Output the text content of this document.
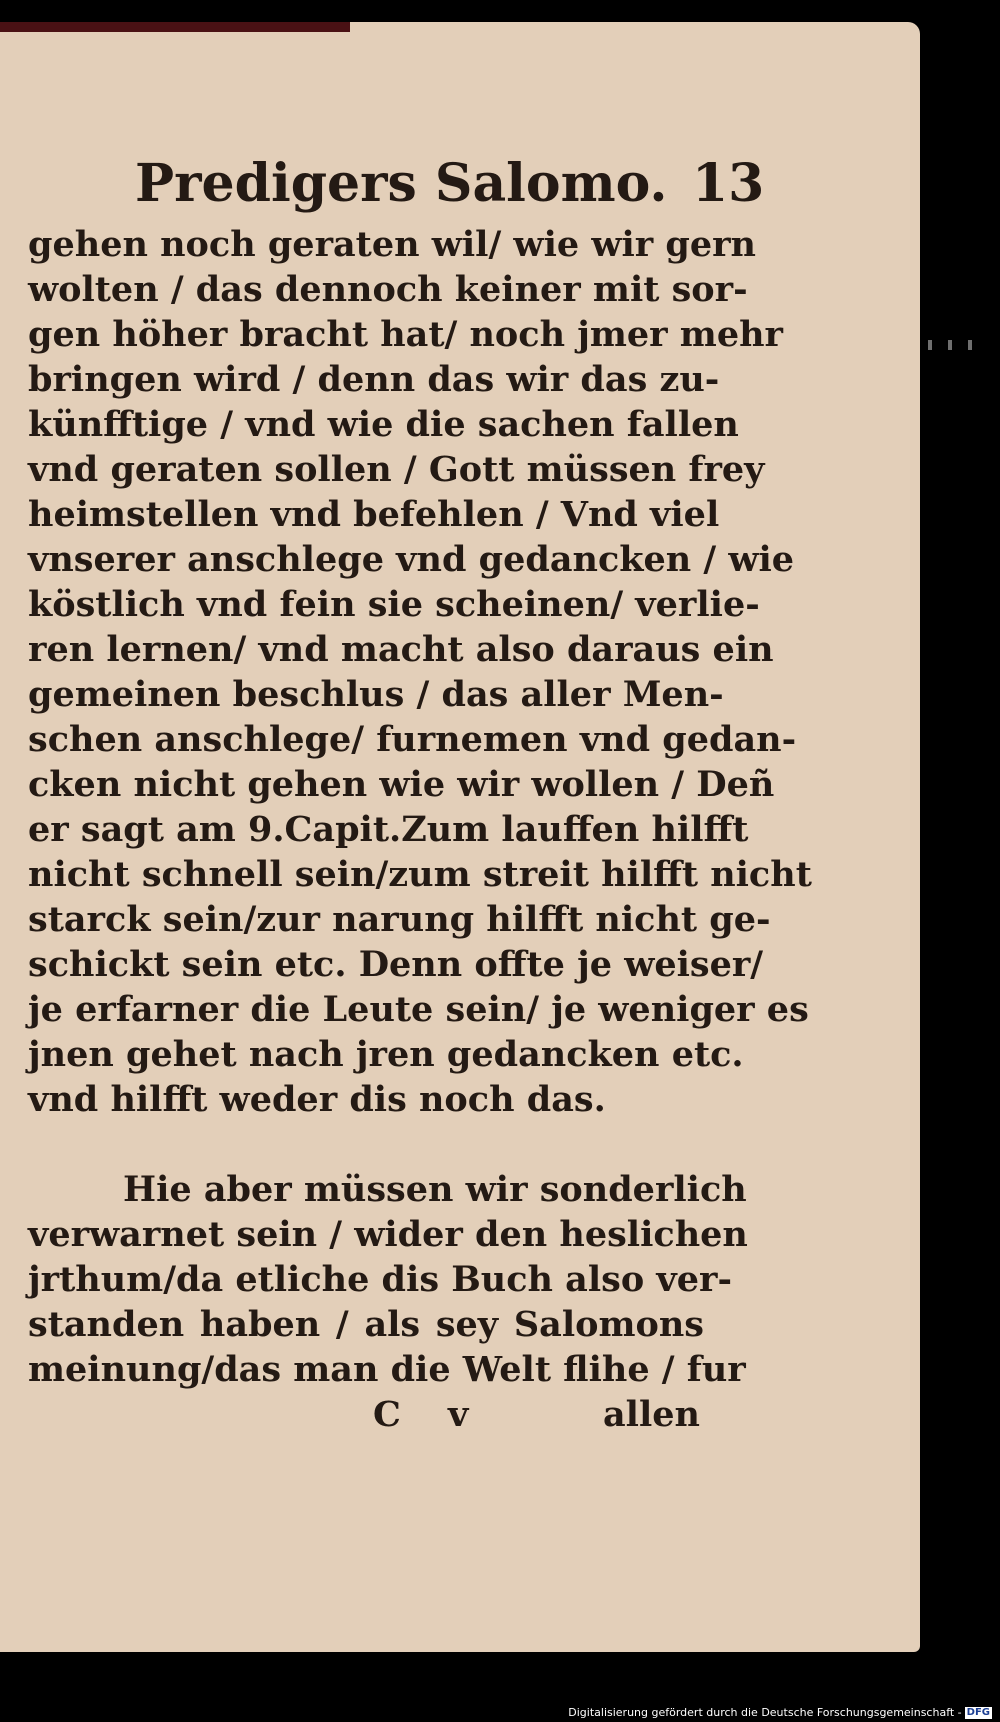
Predigers Salomo. 13
gehen noch geraten wil/ wie wir gern
wolten / das dennoch keiner mit sor-
gen höher bracht hat/ noch jmer mehr
bringen wird / denn das wir das zu-
künfftige / vnd wie die sachen fallen
vnd geraten sollen / Gott müssen frey
heimstellen vnd befehlen / Vnd viel
vnserer anschlege vnd gedancken / wie
köstlich vnd fein sie scheinen/ verlie-
ren lernen/ vnd macht also daraus ein
gemeinen beschlus / das aller Men-
schen anschlege/ furnemen vnd gedan-
cken nicht gehen wie wir wollen / Deñ
er sagt am 9.Capit.Zum lauffen hilfft
nicht schnell sein/zum streit hilfft nicht
starck sein/zur narung hilfft nicht ge-
schickt sein etc. Denn offte je weiser/
je erfarner die Leute sein/ je weniger es
jnen gehet nach jren gedancken etc.
vnd hilfft weder dis noch das.
Hie aber müssen wir sonderlich
verwarnet sein / wider den heslichen
jrthum/da etliche dis Buch also ver-
standen haben / als sey Salomons
meinung/das man die Welt flihe / fur
C v	allen
Digitalisierung gefördert durch die Deutsche Forschungsgemeinschaft - DFG
